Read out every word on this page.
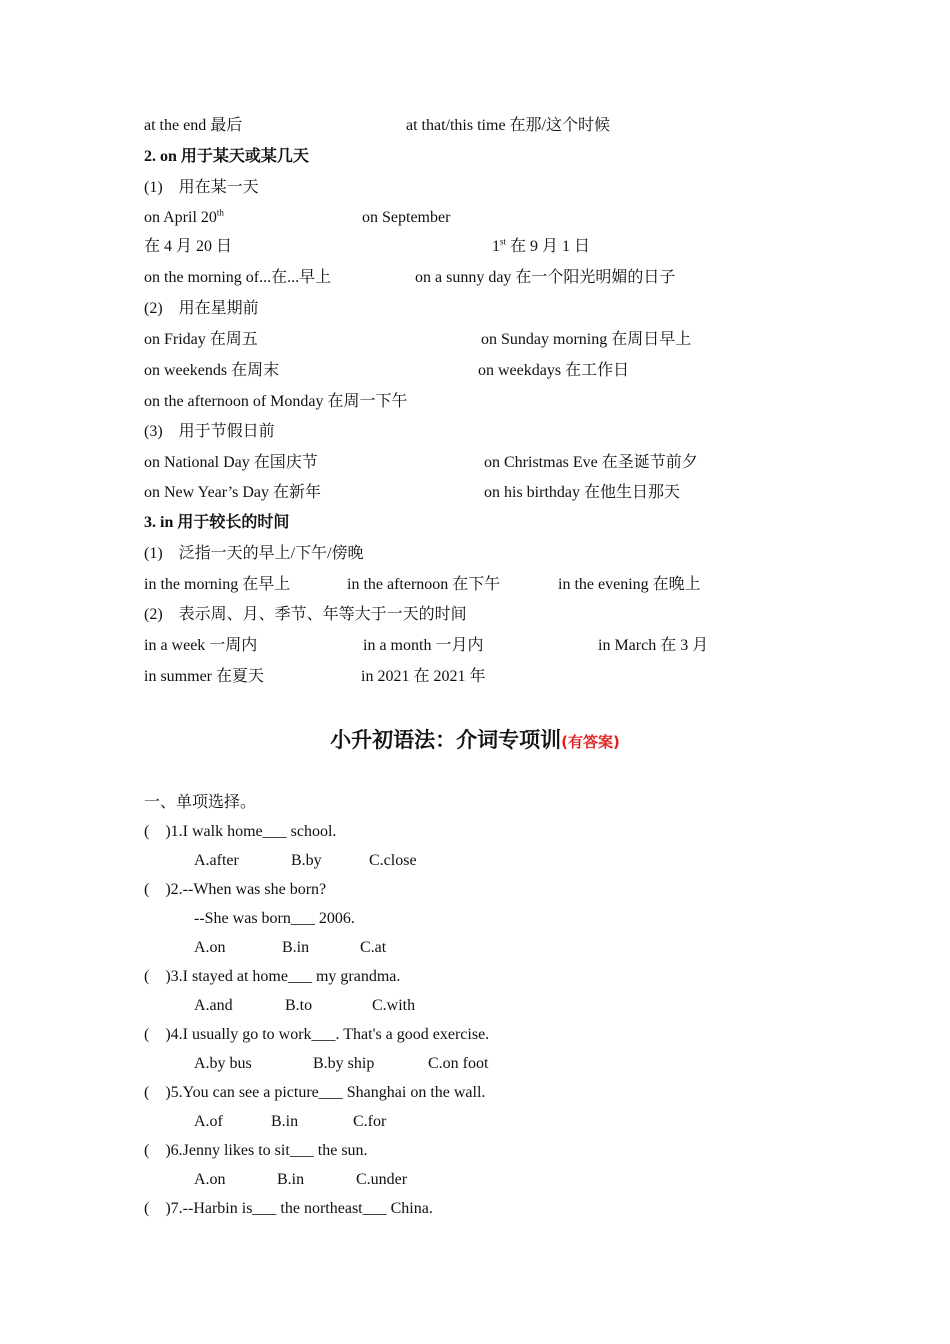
at the end 最后	at that/this time 在那/这个时候
2. on 用于某天或某几天
(1)　用在某一天
on April 20th	on September
在 4 月 20 日	1st 在 9 月 1 日
on the morning of...在...早上	on a sunny day 在一个阳光明媚的日子
(2)　用在星期前
on Friday 在周五	on Sunday morning 在周日早上
on weekends 在周末	on weekdays 在工作日
on the afternoon of Monday 在周一下午
(3)　用于节假日前
on National Day 在国庆节	on Christmas Eve 在圣诞节前夕
on New Year’s Day 在新年	on his birthday 在他生日那天
3. in 用于较长的时间
(1)　泛指一天的早上/下午/傍晚
in the morning 在早上	in the afternoon 在下午	in the evening 在晚上
(2)　表示周、月、季节、年等大于一天的时间
in a week 一周内	in a month 一月内	in March 在 3 月
in summer 在夏天	in 2021 在 2021 年
小升初语法：介词专项训(有答案)
一、单项选择。
(　)1.I walk home___ school.
A.after	B.by	C.close
(　)2.--When was she born?
--She was born___ 2006.
A.on	B.in	C.at
(　)3.I stayed at home___ my grandma.
A.and	B.to	C.with
(　)4.I usually go to work___. That's a good exercise.
A.by bus	B.by ship	C.on foot
(　)5.You can see a picture___ Shanghai on the wall.
A.of	B.in	C.for
(　)6.Jenny likes to sit___ the sun.
A.on	B.in	C.under
(　)7.--Harbin is___ the northeast___ China.
